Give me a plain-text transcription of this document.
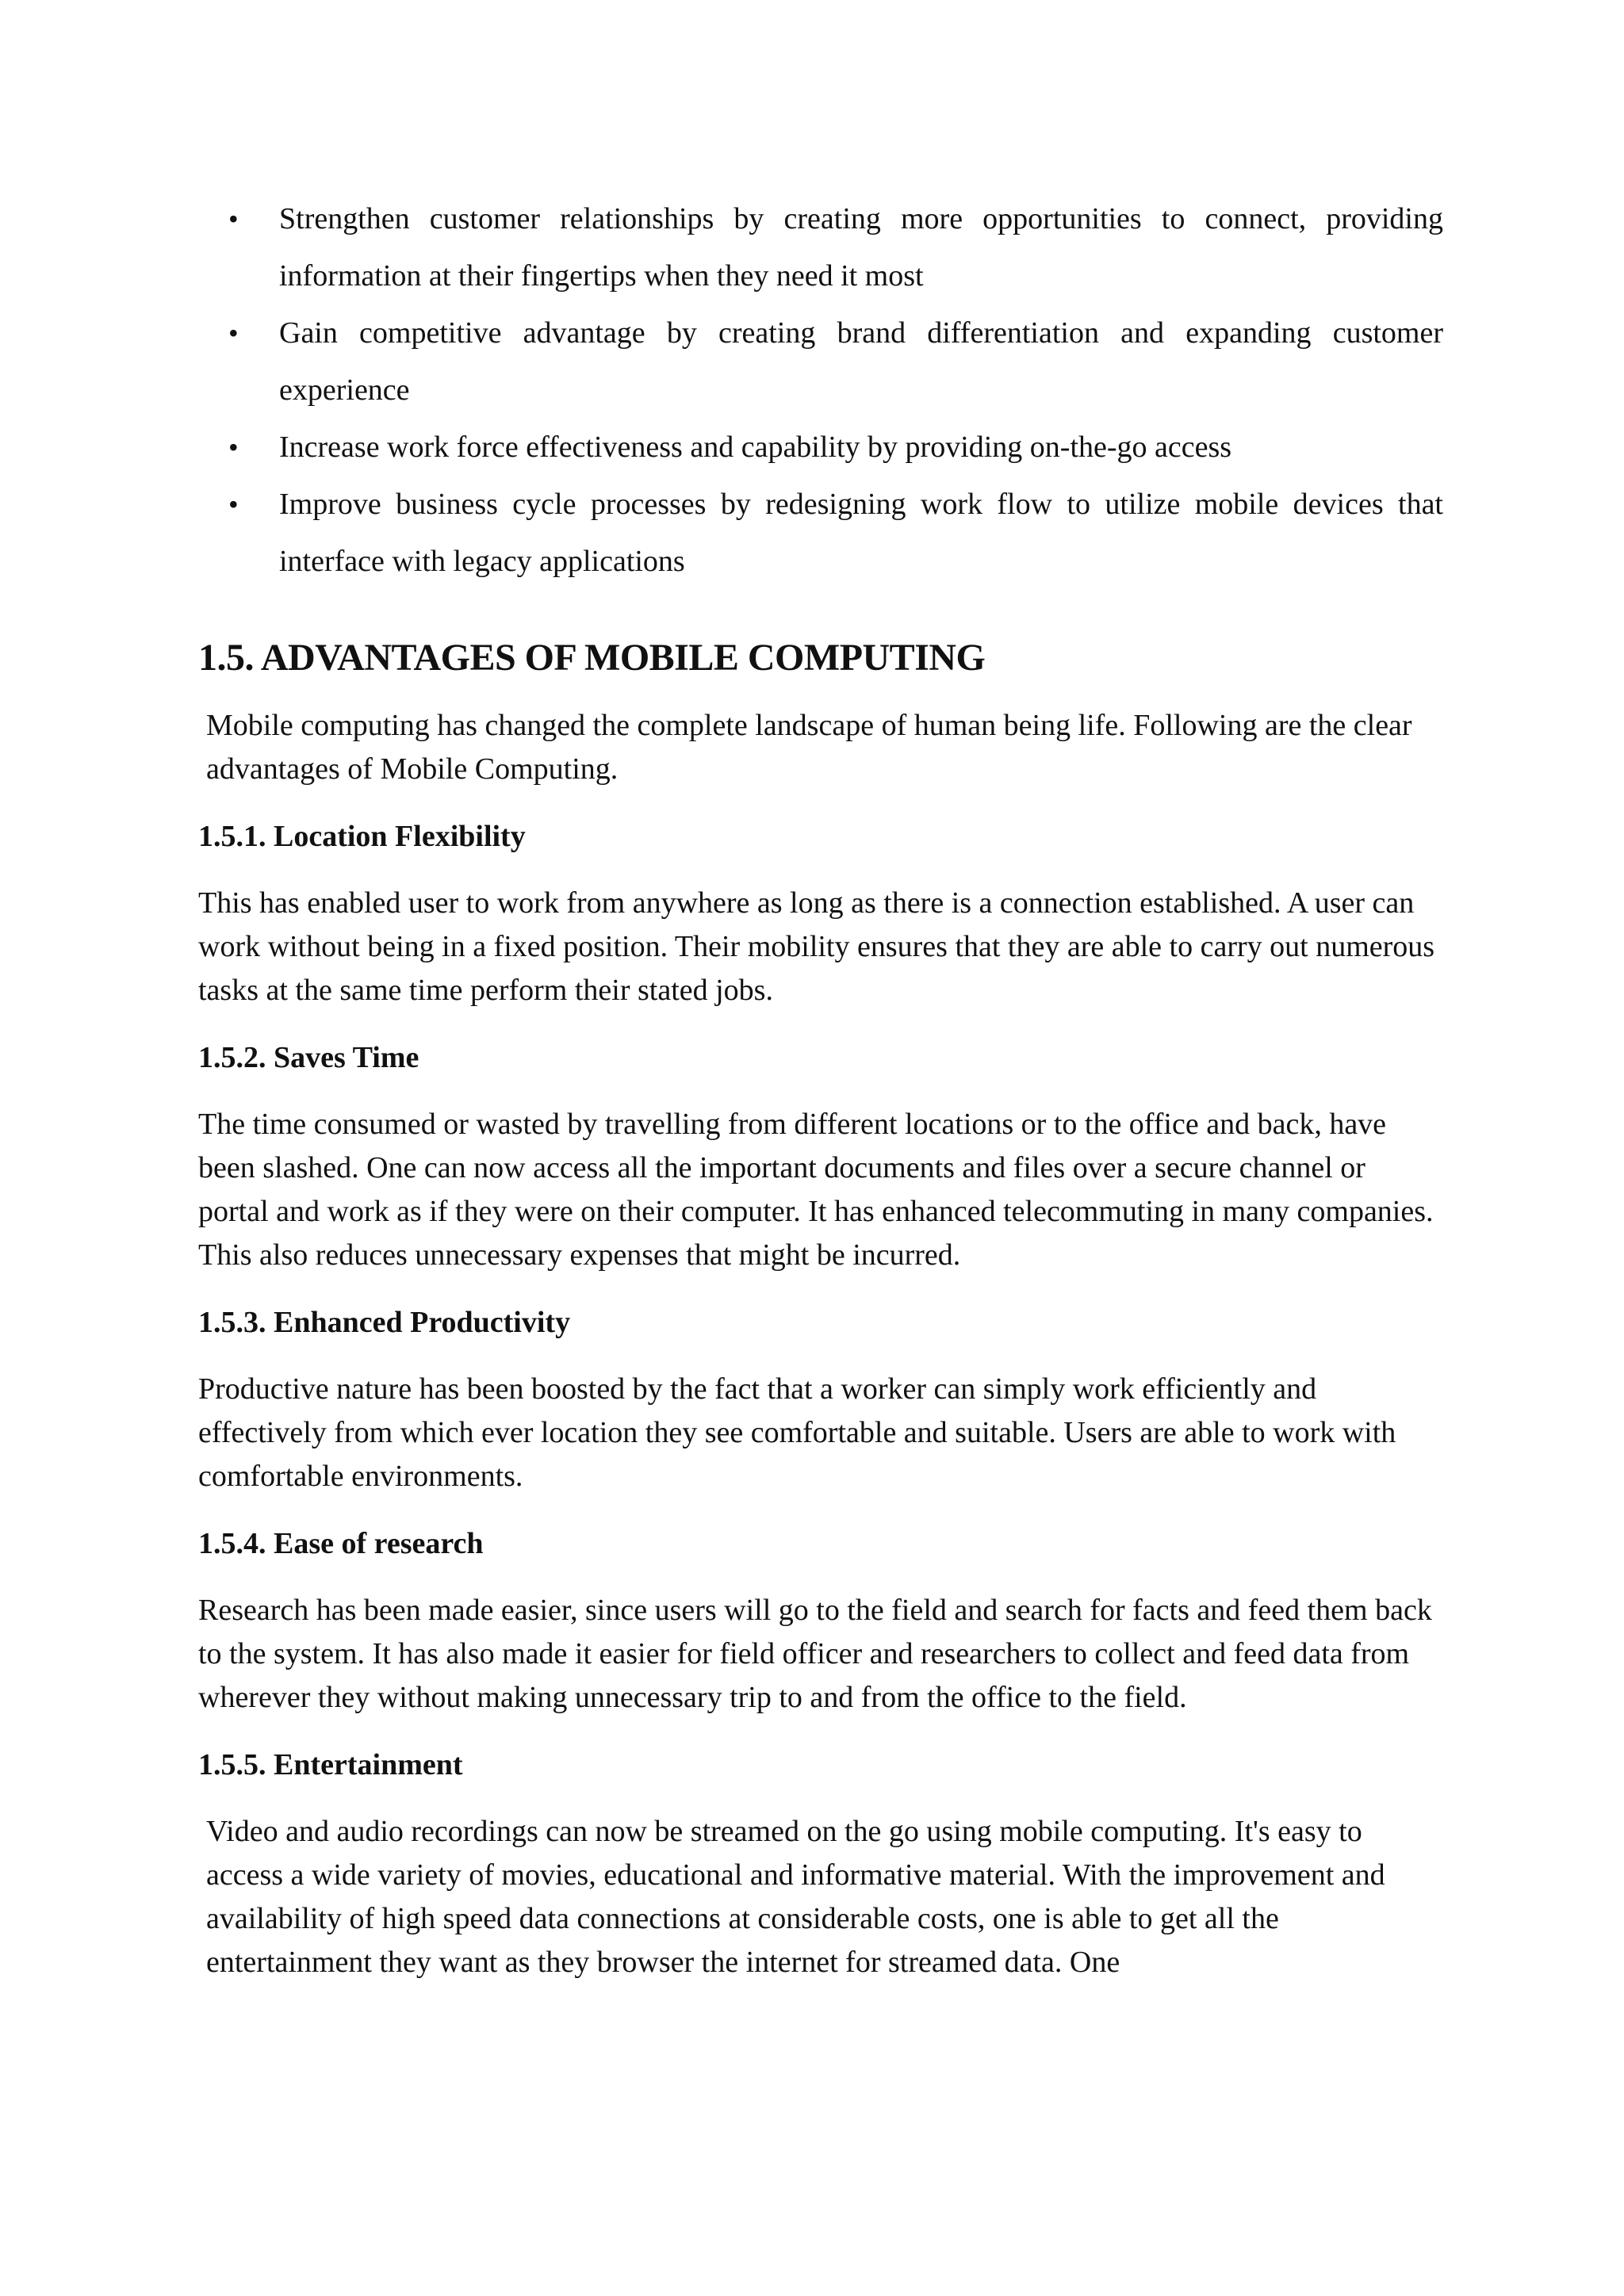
• Strengthen customer relationships by creating more opportunities to connect, providing information at their fingertips when they need it most
• Gain competitive advantage by creating brand differentiation and expanding customer experience
• Increase work force effectiveness and capability by providing on-the-go access
• Improve business cycle processes by redesigning work flow to utilize mobile devices that interface with legacy applications
1.5. ADVANTAGES OF MOBILE COMPUTING

Mobile computing has changed the complete landscape of human being life. Following are the clear advantages of Mobile Computing.

1.5.1. Location Flexibility

This has enabled user to work from anywhere as long as there is a connection established. A user can work without being in a fixed position. Their mobility ensures that they are able to carry out numerous tasks at the same time perform their stated jobs.

1.5.2. Saves Time

The time consumed or wasted by travelling from different locations or to the office and back, have been slashed. One can now access all the important documents and files over a secure channel or portal and work as if they were on their computer. It has enhanced telecommuting in many companies. This also reduces unnecessary expenses that might be incurred.

1.5.3. Enhanced Productivity

Productive nature has been boosted by the fact that a worker can simply work efficiently and effectively from which ever location they see comfortable and suitable. Users are able to work with comfortable environments.

1.5.4. Ease of research

Research has been made easier, since users will go to the field and search for facts and feed them back to the system. It has also made it easier for field officer and researchers to collect and feed data from wherever they without making unnecessary trip to and from the office to the field.

1.5.5. Entertainment

Video and audio recordings can now be streamed on the go using mobile computing. It's easy to access a wide variety of movies, educational and informative material. With the improvement and availability of high speed data connections at considerable costs, one is able to get all the entertainment they want as they browser the internet for streamed data. One
